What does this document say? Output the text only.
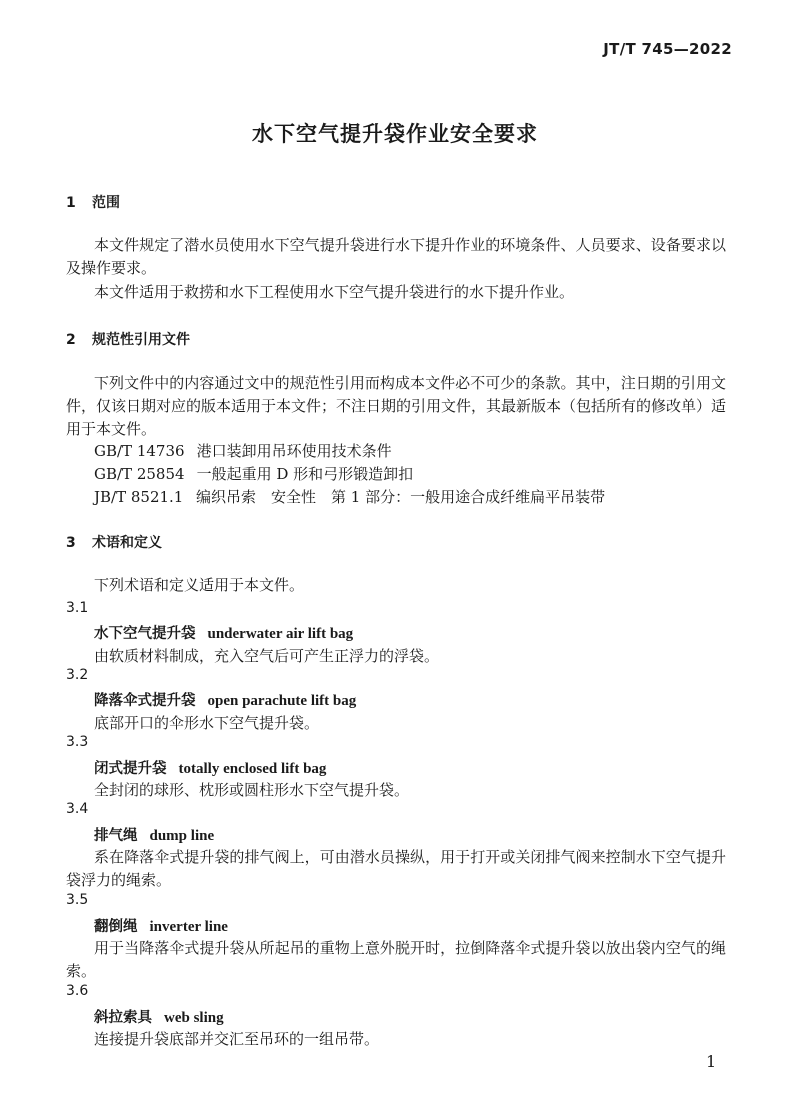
JT/T 745—2022
水下空气提升袋作业安全要求
1 范围
本文件规定了潜水员使用水下空气提升袋进行水下提升作业的环境条件、人员要求、设备要求以及操作要求。
本文件适用于救捞和水下工程使用水下空气提升袋进行的水下提升作业。
2 规范性引用文件
下列文件中的内容通过文中的规范性引用而构成本文件必不可少的条款。其中，注日期的引用文件，仅该日期对应的版本适用于本文件；不注日期的引用文件，其最新版本（包括所有的修改单）适用于本文件。
GB/T 14736 港口装卸用吊环使用技术条件
GB/T 25854 一般起重用 D 形和弓形锻造卸扣
JB/T 8521.1 编织吊索　安全性　第 1 部分：一般用途合成纤维扁平吊装带
3 术语和定义
下列术语和定义适用于本文件。
3.1
水下空气提升袋 underwater air lift bag
由软质材料制成，充入空气后可产生正浮力的浮袋。
3.2
降落伞式提升袋 open parachute lift bag
底部开口的伞形水下空气提升袋。
3.3
闭式提升袋 totally enclosed lift bag
全封闭的球形、枕形或圆柱形水下空气提升袋。
3.4
排气绳 dump line
系在降落伞式提升袋的排气阀上，可由潜水员操纵，用于打开或关闭排气阀来控制水下空气提升袋浮力的绳索。
3.5
翻倒绳 inverter line
用于当降落伞式提升袋从所起吊的重物上意外脱开时，拉倒降落伞式提升袋以放出袋内空气的绳索。
3.6
斜拉索具 web sling
连接提升袋底部并交汇至吊环的一组吊带。
1
